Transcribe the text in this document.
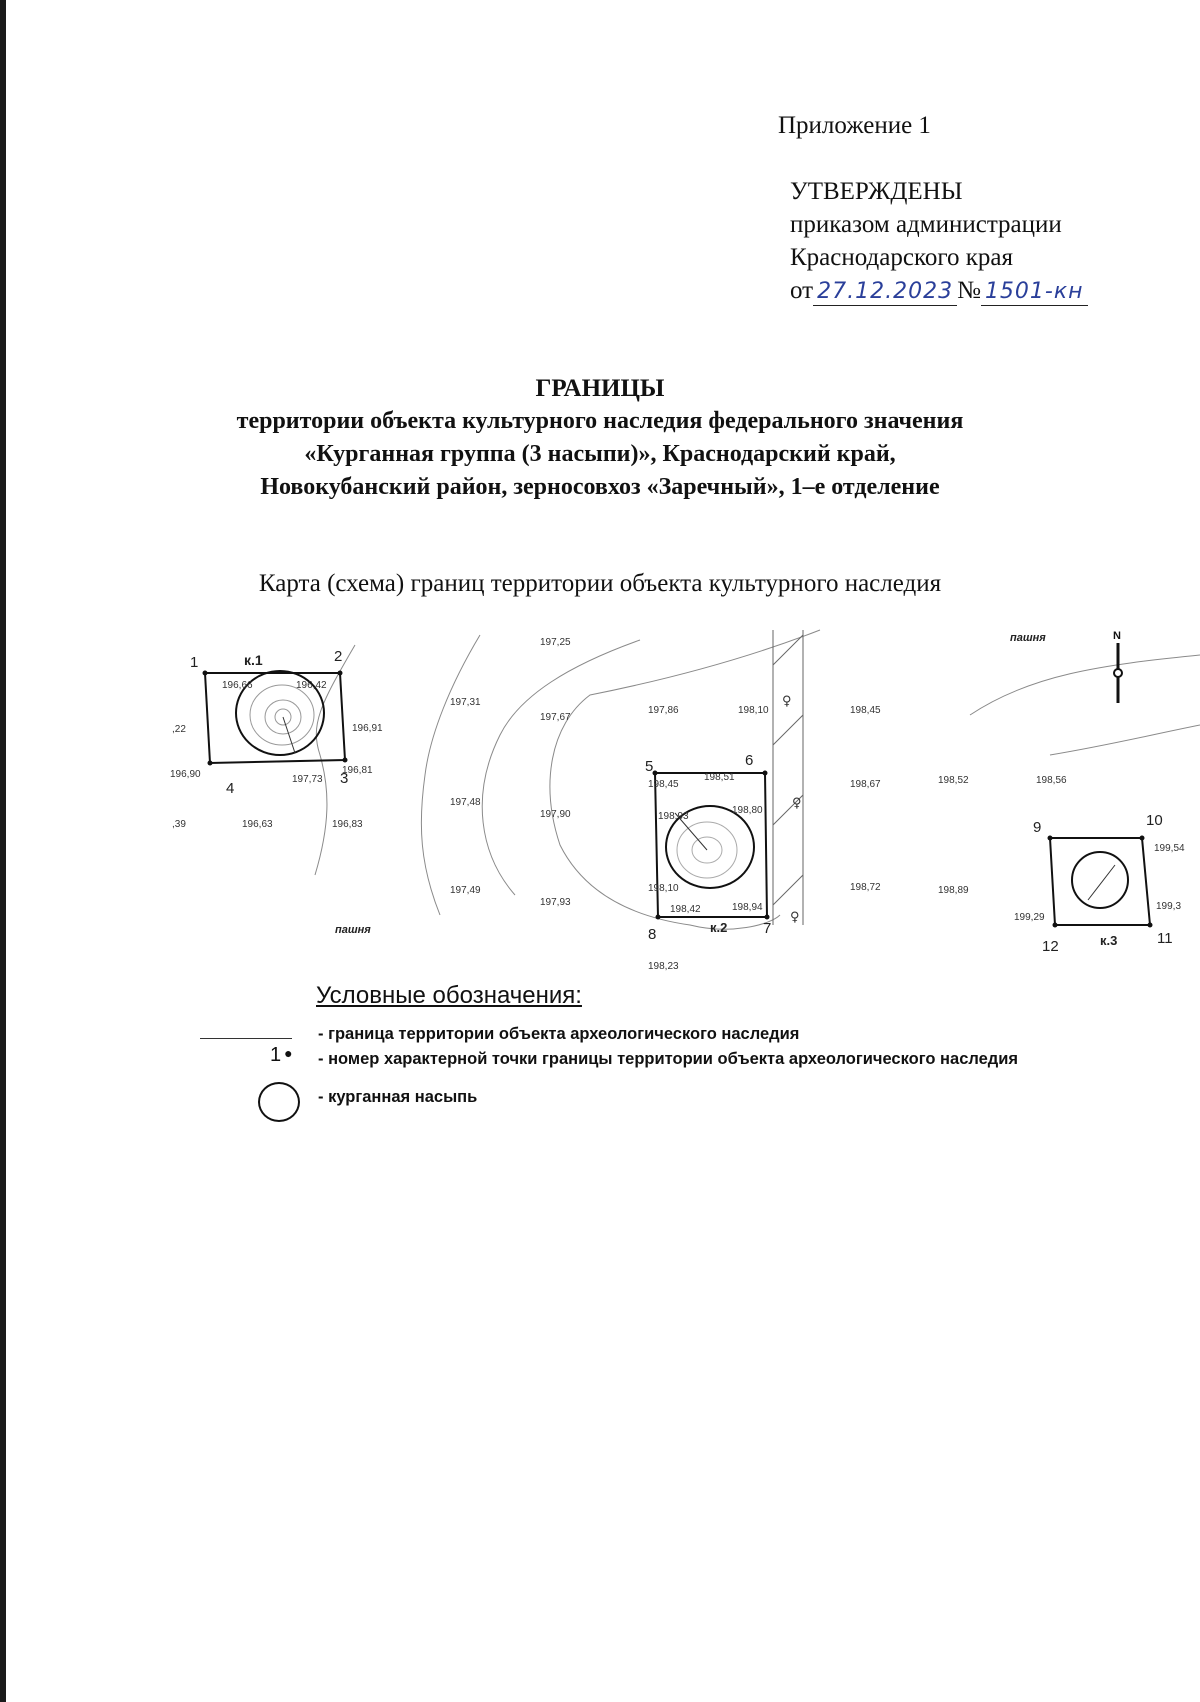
Приложение 1
УТВЕРЖДЕНЫ
приказом администрации
Краснодарского края
от 27.12.2023 № 1501-кн
ГРАНИЦЫ
территории объекта культурного наследия федерального значения
«Курганная группа (3 насыпи)», Краснодарский край,
Новокубанский район, зерносовхоз «Заречный», 1–е отделение
Карта (схема) границ территории объекта культурного наследия
♀
♀
♀
N
пашня
пашня
к.1
к.2
к.3
1	2
3
4
5	6
7
8
9	10
11
12
196,66	196,42
196,91
196,81
197,73
196,90
,22
196,63	196,83
,39
197,25
197,31
197,67
197,48
197,90
197,49
197,93
197,86	198,10	198,45
198,45
198,51
198,80
198,93
198,10
198,42	198,94
198,23
198,67
198,72
198,52	198,56
198,89
199,54
199,3
199,29
Условные обозначения:
1 ●
- граница территории объекта археологического наследия
- номер характерной точки границы территории объекта археологического наследия
- курганная насыпь
